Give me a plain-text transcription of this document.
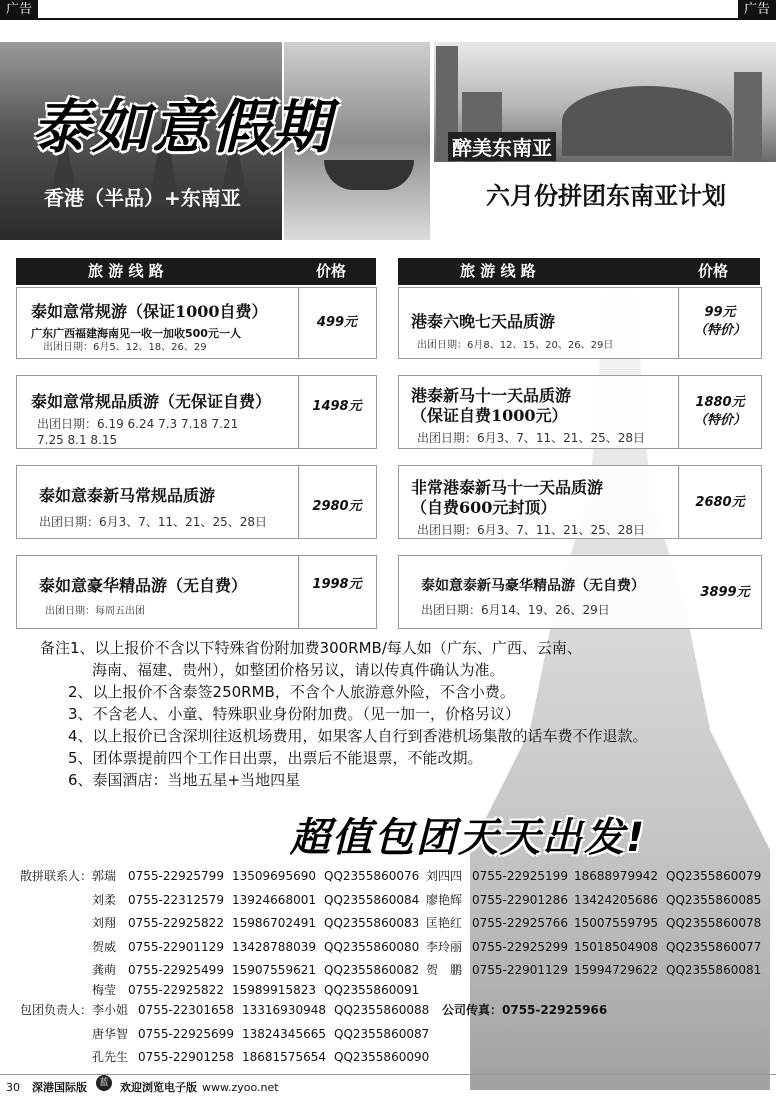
广告	广告
泰如意假期
香港（半品）+东南亚
醉美东南亚
六月份拼团东南亚计划
旅 游 线 路	价格	旅 游 线 路	价格
泰如意常规游（保证1000自费）
广东广西福建海南见一收一加收500元一人
出团日期：6月5、12、18、26、29
499元
泰如意常规品质游（无保证自费）
出团日期：6.19 6.24 7.3 7.18 7.21
7.25 8.1 8.15
1498元
泰如意泰新马常规品质游
出团日期：6月3、7、11、21、25、28日
2980元
泰如意豪华精品游（无自费）
出团日期：每周五出团
1998元
港泰六晚七天品质游
出团日期：6月8、12、15、20、26、29日
99元
（特价）
港泰新马十一天品质游
（保证自费1000元）
出团日期：6月3、7、11、21、25、28日
1880元
（特价）
非常港泰新马十一天品质游
（自费600元封顶）
出团日期：6月3、7、11、21、25、28日
2680元
泰如意泰新马豪华精品游（无自费）
出团日期：6月14、19、26、29日
3899元
备注1、以上报价不含以下特殊省份附加费300RMB/每人如（广东、广西、云南、
海南、福建、贵州），如整团价格另议，请以传真件确认为准。
2、以上报价不含泰签250RMB，不含个人旅游意外险，不含小费。
3、不含老人、小童、特殊职业身份附加费。（见一加一，价格另议）
4、以上报价已含深圳往返机场费用，如果客人自行到香港机场集散的话车费不作退款。
5、团体票提前四个工作日出票，出票后不能退票，不能改期。
6、泰国酒店：当地五星+当地四星
超值包团天天出发!
散拼联系人： 郭瑞 0755-22925799 13509695690 QQ2355860076 刘四四 0755-22925199 18688979942 QQ2355860079
刘柔 0755-22312579 13924668001 QQ2355860084 廖艳辉 0755-22901286 13424205686 QQ2355860085
刘翔 0755-22925822 15986702491 QQ2355860083 匡艳红 0755-22925766 15007559795 QQ2355860078
贺威 0755-22901129 13428788039 QQ2355860080 李玲丽 0755-22925299 15018504908 QQ2355860077
龚萌 0755-22925499 15907559621 QQ2355860082 贺　鹏 0755-22901129 15994729622 QQ2355860081
梅莹 0755-22925822 15989915823 QQ2355860091
包团负责人： 李小姐 0755-22301658 13316930948 QQ2355860088 公司传真：0755-22925966
唐华智 0755-22925699 13824345665 QQ2355860087
孔先生 0755-22901258 18681575654 QQ2355860090
30 深港国际版	蓝	欢迎浏览电子版 www.zyoo.net
